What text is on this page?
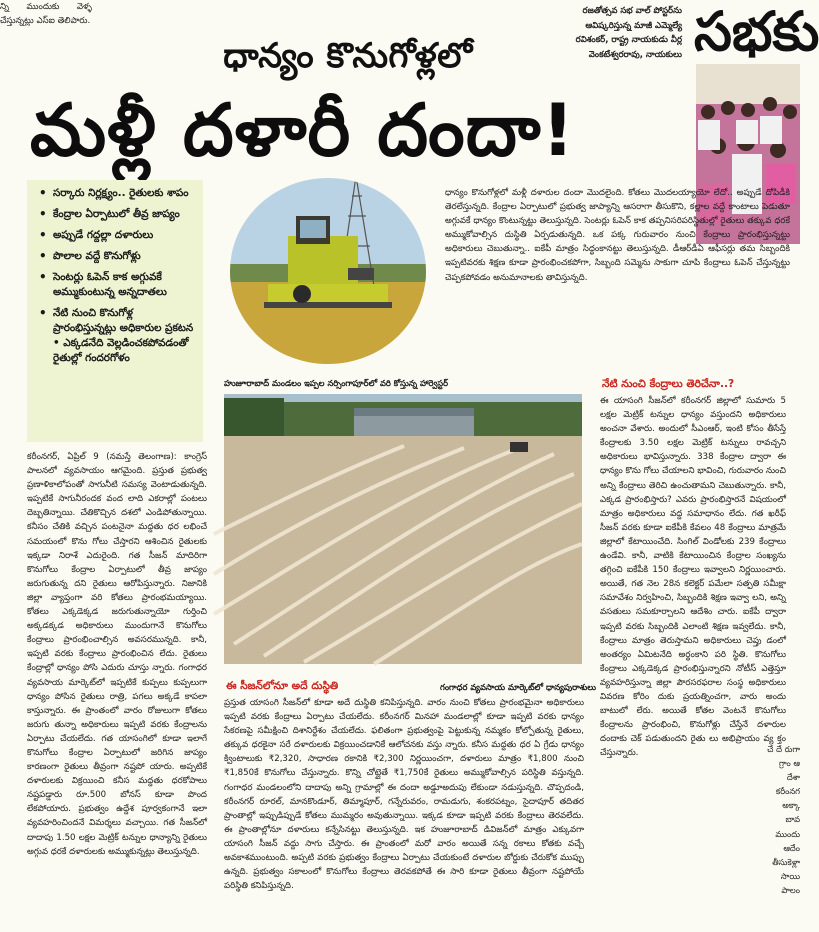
న్ని ముందుకు వెళ్ళ చేస్తున్నట్లు ఎస్‌ఐ తెలిపారు.
రజతోత్సవ సభ వాల్ పోస్టర్‌ను ఆవిష్కరిస్తున్న మాజీ ఎమ్మెల్యే రవిశంకర్, రాష్ట్ర నాయకుడు వీర్ల వెంకటేశ్వరరావు, నాయకులు సభకు
ధాన్యం కొనుగోళ్లలో
మళ్లీ దళారీ దందా!
• సర్కారు నిర్లక్ష్యం.. రైతులకు శాపం
• కేంద్రాల ఏర్పాటులో తీవ్ర జాప్యం
• అప్పుడే గద్దల్లా దళారులు
• పొలాల వద్దే కొనుగోళ్లు
• సెంటర్లు ఓపెన్‌ కాక అగ్గువకే అమ్ముకుంటున్న అన్నదాతలు
• నేటి నుంచి కొనుగోళ్ల ప్రారంభిస్తున్నట్లు అధికారుల ప్రకటన • ఎక్కడనేది వెల్లడించకపోవడంతో రైతుల్లో గందరగోళం
హుజూరాబాద్ మండలం ఇప్పల నర్సింగాపూర్‌లో వరి కోస్తున్న హార్వెస్టర్
గంగాధర వ్యవసాయ మార్కెట్‌లో ధాన్యపురాశులు
ధాన్యం కొనుగోళ్లలో మళ్లీ దళారుల దందా మొదలైంది. కోతలు మొదలయ్యాయో లేదో.. అప్పుడే దోపిడీకి తెరలేస్తున్నది. కేంద్రాల ఏర్పాటులో ప్రభుత్వ జాప్యాన్ని ఆసరాగా తీసుకొని, కల్లాల వద్దే కాంటాలు పెడుతూ అగ్గువకే ధాన్యం కొంటున్నట్టు తెలుస్తున్నది. సెంటర్లు ఓపెన్ కాక తప్పనిసరిపరిస్థితుల్లో రైతులు తక్కువ ధరకే అమ్ముకోవాల్సిన దుస్థితి ఏర్పడుతున్నది. ఒక పక్క గురువారం నుంచి కేంద్రాలు ప్రారంభిస్తున్నట్టు అధికారులు చెబుతున్నా.. ఐకేపీ మాత్రం సిద్ధంకానట్టు తెలుస్తున్నది. డీఆర్‌డీఏ ఆఫీసర్లు తమ సిబ్బందికి ఇప్పటివరకు శిక్షణ కూడా ప్రారంభించకపోగా, సిబ్బంది సమ్మెను సాకుగా చూపి కేంద్రాలు ఓపెన్ చేస్తున్నట్టు చెప్పకపోవడం అనుమానాలకు తావిస్తున్నది.
నేటి నుంచి కేంద్రాలు తెరిచేనా..?
ఈ యాసంగి సీజన్‌లో కరీంనగర్ జిల్లాలో సుమారు 5 లక్షల మెట్రిక్ టన్నుల ధాన్యం వస్తుందని అధికారులు అంచనా వేశారు. అందులో సీఎంఆర్, ఇంటి కోసం తీసేస్తే కేంద్రాలకు 3.50 లక్షల మెట్రిక్ టన్నులు రావచ్చని అధికారులు భావిస్తున్నారు. 338 కేంద్రాల ద్వారా ఈ ధాన్యం కొను గోలు చేయాలని భావించి, గురువారం నుంచి అన్ని కేంద్రాలు తెరిచి ఉంచుతామని చెబుతున్నారు. కానీ, ఎక్కడ ప్రారంభిస్తారు? ఎవరు ప్రారంభిస్తారనే విషయంలో మాత్రం అధికారులు వద్ద సమాధానం లేదు. గత ఖరీఫ్ సీజన్ వరకు కూడా ఐకేపీకి కేవలం 48 కేంద్రాలు మాత్రమే జిల్లాలో కేటాయించేది. సింగిల్ విండోలకు 239 కేంద్రాలు ఉండేవి. కానీ, వాటికి కేటాయించిన కేంద్రాల సంఖ్యను తగ్గించి ఐకేపీకి 150 కేంద్రాలు ఇవ్వాలని నిర్ణయించారు. అయితే, గత నెల 28న కలెక్టర్ పమేలా సత్పతి సమీక్షా సమావేశం నిర్వహించి, సిబ్బందికి శిక్షణ ఇవ్వా లని, అన్ని వసతులు సమకూర్చాలని ఆదేశిం చారు. ఐకేపీ ద్వారా ఇప్పటి వరకు సిబ్బందికి ఎలాంటి శిక్షణ ఇవ్వలేదు. కానీ, కేంద్రాలు మాత్రం తెరుస్తామని అధికారులు చెప్తు డంలో అంతర్యం ఏమిటనేది అర్థంకాని పరి స్థితి. కొనుగోలు కేంద్రాలు ఎక్కడెక్కడ ప్రారంభిస్తున్నారని నోటీస్ ఎత్తెస్తూ వ్యవహరిస్తున్నా జిల్లా పౌరసరఫరాల సంస్థ అధికారులు వివరణ కోరిం దుకు ప్రయత్నించగా, వారు అందు బాటులో లేరు. అయితే కోతల వెంటనే కొనుగోలు కేంద్రాలను ప్రారంభించి, కొనుగోళ్లు చేస్తేనే దళారుల దందాకు చెక్ పడుతుందని రైతు లు అభిప్రాయం వ్య క్తం చేస్తున్నారు.
కరీంనగర్, ఏప్రిల్ 9 (నమస్తే తెలంగాణ): కాంగ్రెస్ పాలనలో వ్యవసాయం ఆగమైంది. ప్రస్తుత ప్రభుత్వ ప్రణాళికాలోపంతో సాగునీటి సమస్య వెంటాడుతున్నది. ఇప్పటికే సాగునీరందక వంద లాది ఎకరాల్లో పంటలు దెబ్బతిన్నాయి. చేతికొచ్చిన దశలో ఎండిపోతున్నాయి. కనీసం చేతికి వచ్చిన పంటనైనా మద్దతు ధర లభించే సమయంలో కొను గోలు చేస్తారని ఆశించిన రైతులకు ఇక్కడా నిరాశే ఎదురైంది. గత సీజన్ మాదిరిగా కొనుగోలు కేంద్రాల ఏర్పాటులో తీవ్ర జాప్యం జరుగుతున్న దని రైతులు ఆరోపిస్తున్నారు. నిజానికి జిల్లా వ్యాప్తంగా వరి కోతలు ప్రారంభమయ్యాయి. కోతలు ఎక్కడెక్కడ జరుగుతున్నాయో గుర్తించి అక్కడక్కడ అధికారులు ముందుగానే కొనుగోలు కేంద్రాలు ప్రారంభించాల్సిన అవసరమున్నది. కానీ, ఇప్పటి వరకు కేంద్రాలు ప్రారంభించిన లేదు. రైతులు కేంద్రాల్లో ధాన్యం పోసి ఎదురు చూస్తు న్నారు. గంగాధర వ్యవసాయ మార్కెట్‌లో ఇప్పటికే కుప్పలు కుప్పలుగా ధాన్యం పోసిన రైతులు రాత్రి, పగలు అక్కడే కాపలా కాస్తున్నారు. ఈ ప్రాంతంలో వారం రోజులుగా కోతలు జరుగు తున్నా అధికారులు ఇప్పటి వరకు కేంద్రాలను ఏర్పాటు చేయలేదు. గత యాసంగిలో కూడా ఇలాగే కొనుగోలు కేంద్రాల ఏర్పాటులో జరిగిన జాప్యం కారణంగా రైతులు తీవ్రంగా నష్టపో యారు. అప్పటికే దళారులకు విక్రయించి కనీస మద్దతు ధరకోపాలు నష్టపడ్డారు రూ.500 బోనస్ కూడా పొంద లేకపోయారు. ప్రభుత్వం ఉద్దేశ పూర్వకంగానే ఇలా వ్యవహరించిందనే విమర్శలు వచ్చాయి. గత సీజన్‌లో దాదాపు 1.50 లక్షల మెట్రిక్ టన్నుల ధాన్యాన్ని రైతులు అగ్గువ ధరకే దళారులకు అమ్ముకున్నట్లు తెలుస్తున్నది.
ఈ సీజన్‌లోనూ అదే దుస్థితి
ప్రస్తుత యాసంగి సీజన్‌లో కూడా అదే దుస్థితి కనిపిస్తున్నది. వారం నుంచి కోతలు ప్రారంభమైనా అధికారులు ఇప్పటి వరకు కేంద్రాలు ఏర్పాటు చేయలేదు. కరీంనగర్ మినహా మండలాల్లో కూడా ఇప్పటి వరకు ధాన్యం సేకరణపై సమీక్షించి దిశానిర్దేశం చేయలేదు. ఫలితంగా ప్రభుత్వంపై పెట్టుకున్న నమ్మకం కోల్పోతున్న రైతులు, తక్కువ ధరకైనా సరే దళారులకు విక్రయించడానికే ఆలోచనకు వస్తు న్నారు. కనీస మద్దతు ధర ఏ గ్రేడు ధాన్యం క్వింటాలుకు ₹2,320, సాధారణ రకానికి ₹2,300 నిర్ణయించగా, దళారులు మాత్రం ₹1,800 నుంచి ₹1,850కే కొనుగోలు చేస్తున్నారు. కొన్ని చోట్లైతే ₹1,750కే రైతులు అమ్ముకోవాల్సిన పరిస్థితి వస్తున్నది. గంగాధర మండలంలోని దాదాపు అన్ని గ్రామాల్లో ఈ దందా అడ్డూఅదుపు లేకుండా నడుస్తున్నది. చొప్పదండి, కరీంనగర్ రూరల్, మానకొండూర్, తిమ్మాపూర్, గన్నేరువరం, రామడుగు, శంకరపట్నం, సైదాపూర్ తదితర ప్రాంతాల్లో ఇప్పుడిప్పుడే కోతలు ముమ్మరం అవుతున్నాయి. ఇక్కడ కూడా ఇప్పటి వరకు కేంద్రాలు తెరవలేదు. ఈ ప్రాంతాల్లోనూ దళారులు కన్నేసినట్టు తెలుస్తున్నది. ఇక హుజూరాబాద్ డివిజన్‌లో మాత్రం ఎక్కువగా యాసంగి సీజన్ వద్దు సాగు చేస్తారు. ఈ ప్రాంతంలో మరో వారం అయితే సన్న రకాలు కోతకు వచ్చే అవకాశముంటుంది. అప్పటి వరకు ప్రభుత్వం కేంద్రాలు ఏర్పాటు చేయకుంటే దళారుల బోర్డుకు చేరుకోక ముప్పు ఉన్నది. ప్రభుత్వం సకాలంలో కొనుగోలు కేంద్రాలు తెరవకపోతే ఈ సారి కూడా రైతులు తీవ్రంగా నష్టపోయే పరిస్థితి కనిపిస్తున్నది.
చే దే రుగా గ్రాం ఆ దేశా కరీంనగ అక్కా బావ ముందు ఆదేం తీసుకెళ్లా సాయి పాలం
